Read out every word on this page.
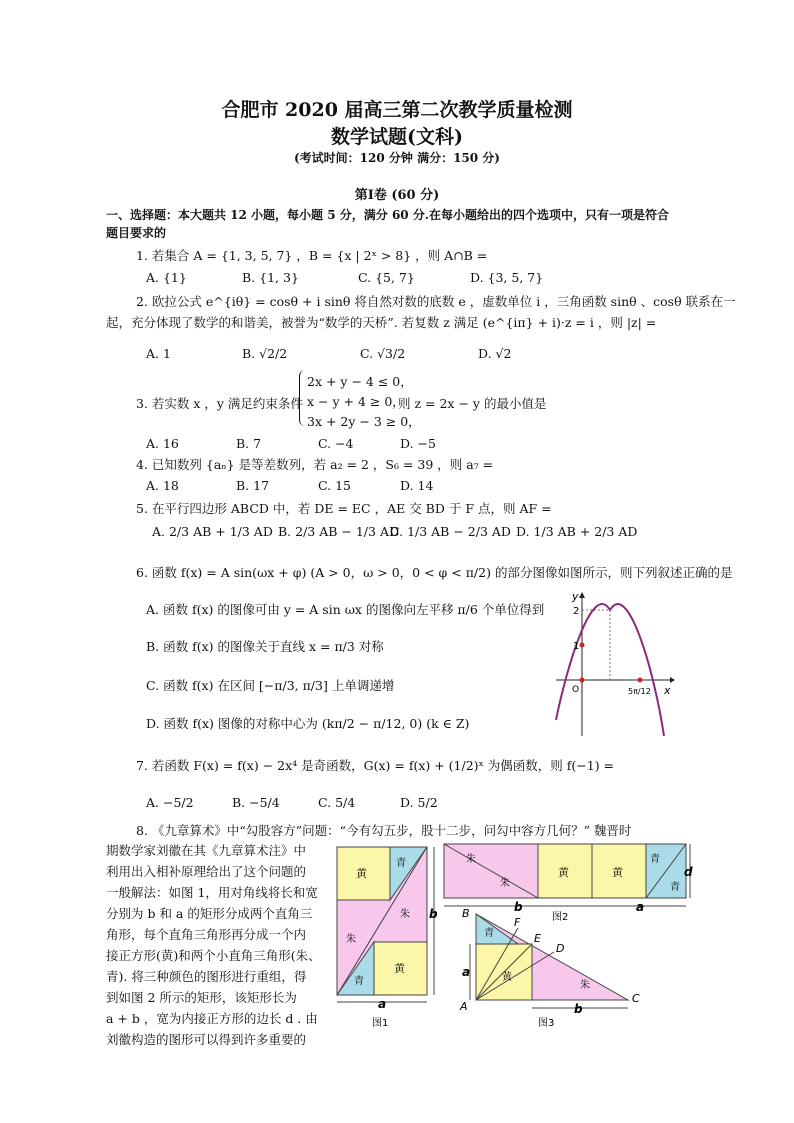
合肥市 2020 届高三第二次教学质量检测
数学试题(文科)
(考试时间：120 分钟 满分：150 分)
第Ⅰ卷 (60 分)
一、选择题：本大题共 12 小题，每小题 5 分，满分 60 分.在每小题给出的四个选项中，只有一项是符合
题目要求的
1. 若集合 A = {1, 3, 5, 7} ，B = {x | 2ˣ > 8} ，则 A∩B =
A. {1}	B. {1, 3}	C. {5, 7}	D. {3, 5, 7}
2. 欧拉公式 e^{iθ} = cosθ + i sinθ 将自然对数的底数 e ，虚数单位 i ，三角函数 sinθ 、cosθ 联系在一
起，充分体现了数学的和谐美，被誉为“数学的天桥”. 若复数 z 满足 (e^{iπ} + i)·z = i ，则 |z| =
A. 1	B. √2/2	C. √3/2	D. √2
3. 若实数 x ，y 满足约束条件
2x + y − 4 ≤ 0，
x − y + 4 ≥ 0，
3x + 2y − 3 ≥ 0，
则 z = 2x − y 的最小值是
A. 16	B. 7	C. −4	D. −5
4. 已知数列 {aₙ} 是等差数列，若 a₂ = 2 ，S₆ = 39 ，则 a₇ =
A. 18	B. 17	C. 15	D. 14
5. 在平行四边形 ABCD 中，若 DE = EC ，AE 交 BD 于 F 点，则 AF =
A. 2/3 AB + 1/3 AD B. 2/3 AB − 1/3 AD
C. 1/3 AB − 2/3 AD D. 1/3 AB + 2/3 AD
6. 函数 f(x) = A sin(ωx + φ) (A > 0，ω > 0，0 < φ < π/2) 的部分图像如图所示，则下列叙述正确的是
A. 函数 f(x) 的图像可由 y = A sin ωx 的图像向左平移 π/6 个单位得到
B. 函数 f(x) 的图像关于直线 x = π/3 对称
C. 函数 f(x) 在区间 [−π/3, π/3] 上单调递增
D. 函数 f(x) 图像的对称中心为 (kπ/2 − π/12, 0) (k ∈ Z)
y
x
2
1
O	5π/12
7. 若函数 F(x) = f(x) − 2x⁴ 是奇函数，G(x) = f(x) + (1/2)ˣ 为偶函数，则 f(−1) =
A. −5/2	B. −5/4	C. 5/4	D. 5/2
8. 《九章算术》中“勾股容方”问题：“今有勾五步，股十二步，问勾中容方几何？” 魏晋时
期数学家刘徽在其《九章算术注》中
利用出入相补原理给出了这个问题的
一般解法：如图 1，用对角线将长和宽
分别为 b 和 a 的矩形分成两个直角三
角形，每个直角三角形再分成一个内
接正方形(黄)和两个小直角三角形(朱、
青). 将三种颜色的图形进行重组，得
到如图 2 所示的矩形，该矩形长为
a + b ，宽为内接正方形的边长 d . 由
刘徽构造的图形可以得到许多重要的
黄
青
朱
朱
黄
青
b
a
图1
朱
朱
黄	黄
青
青
d
b	a
图2
B
F
E
D
A
C
青
黄
朱
a
b
图3
